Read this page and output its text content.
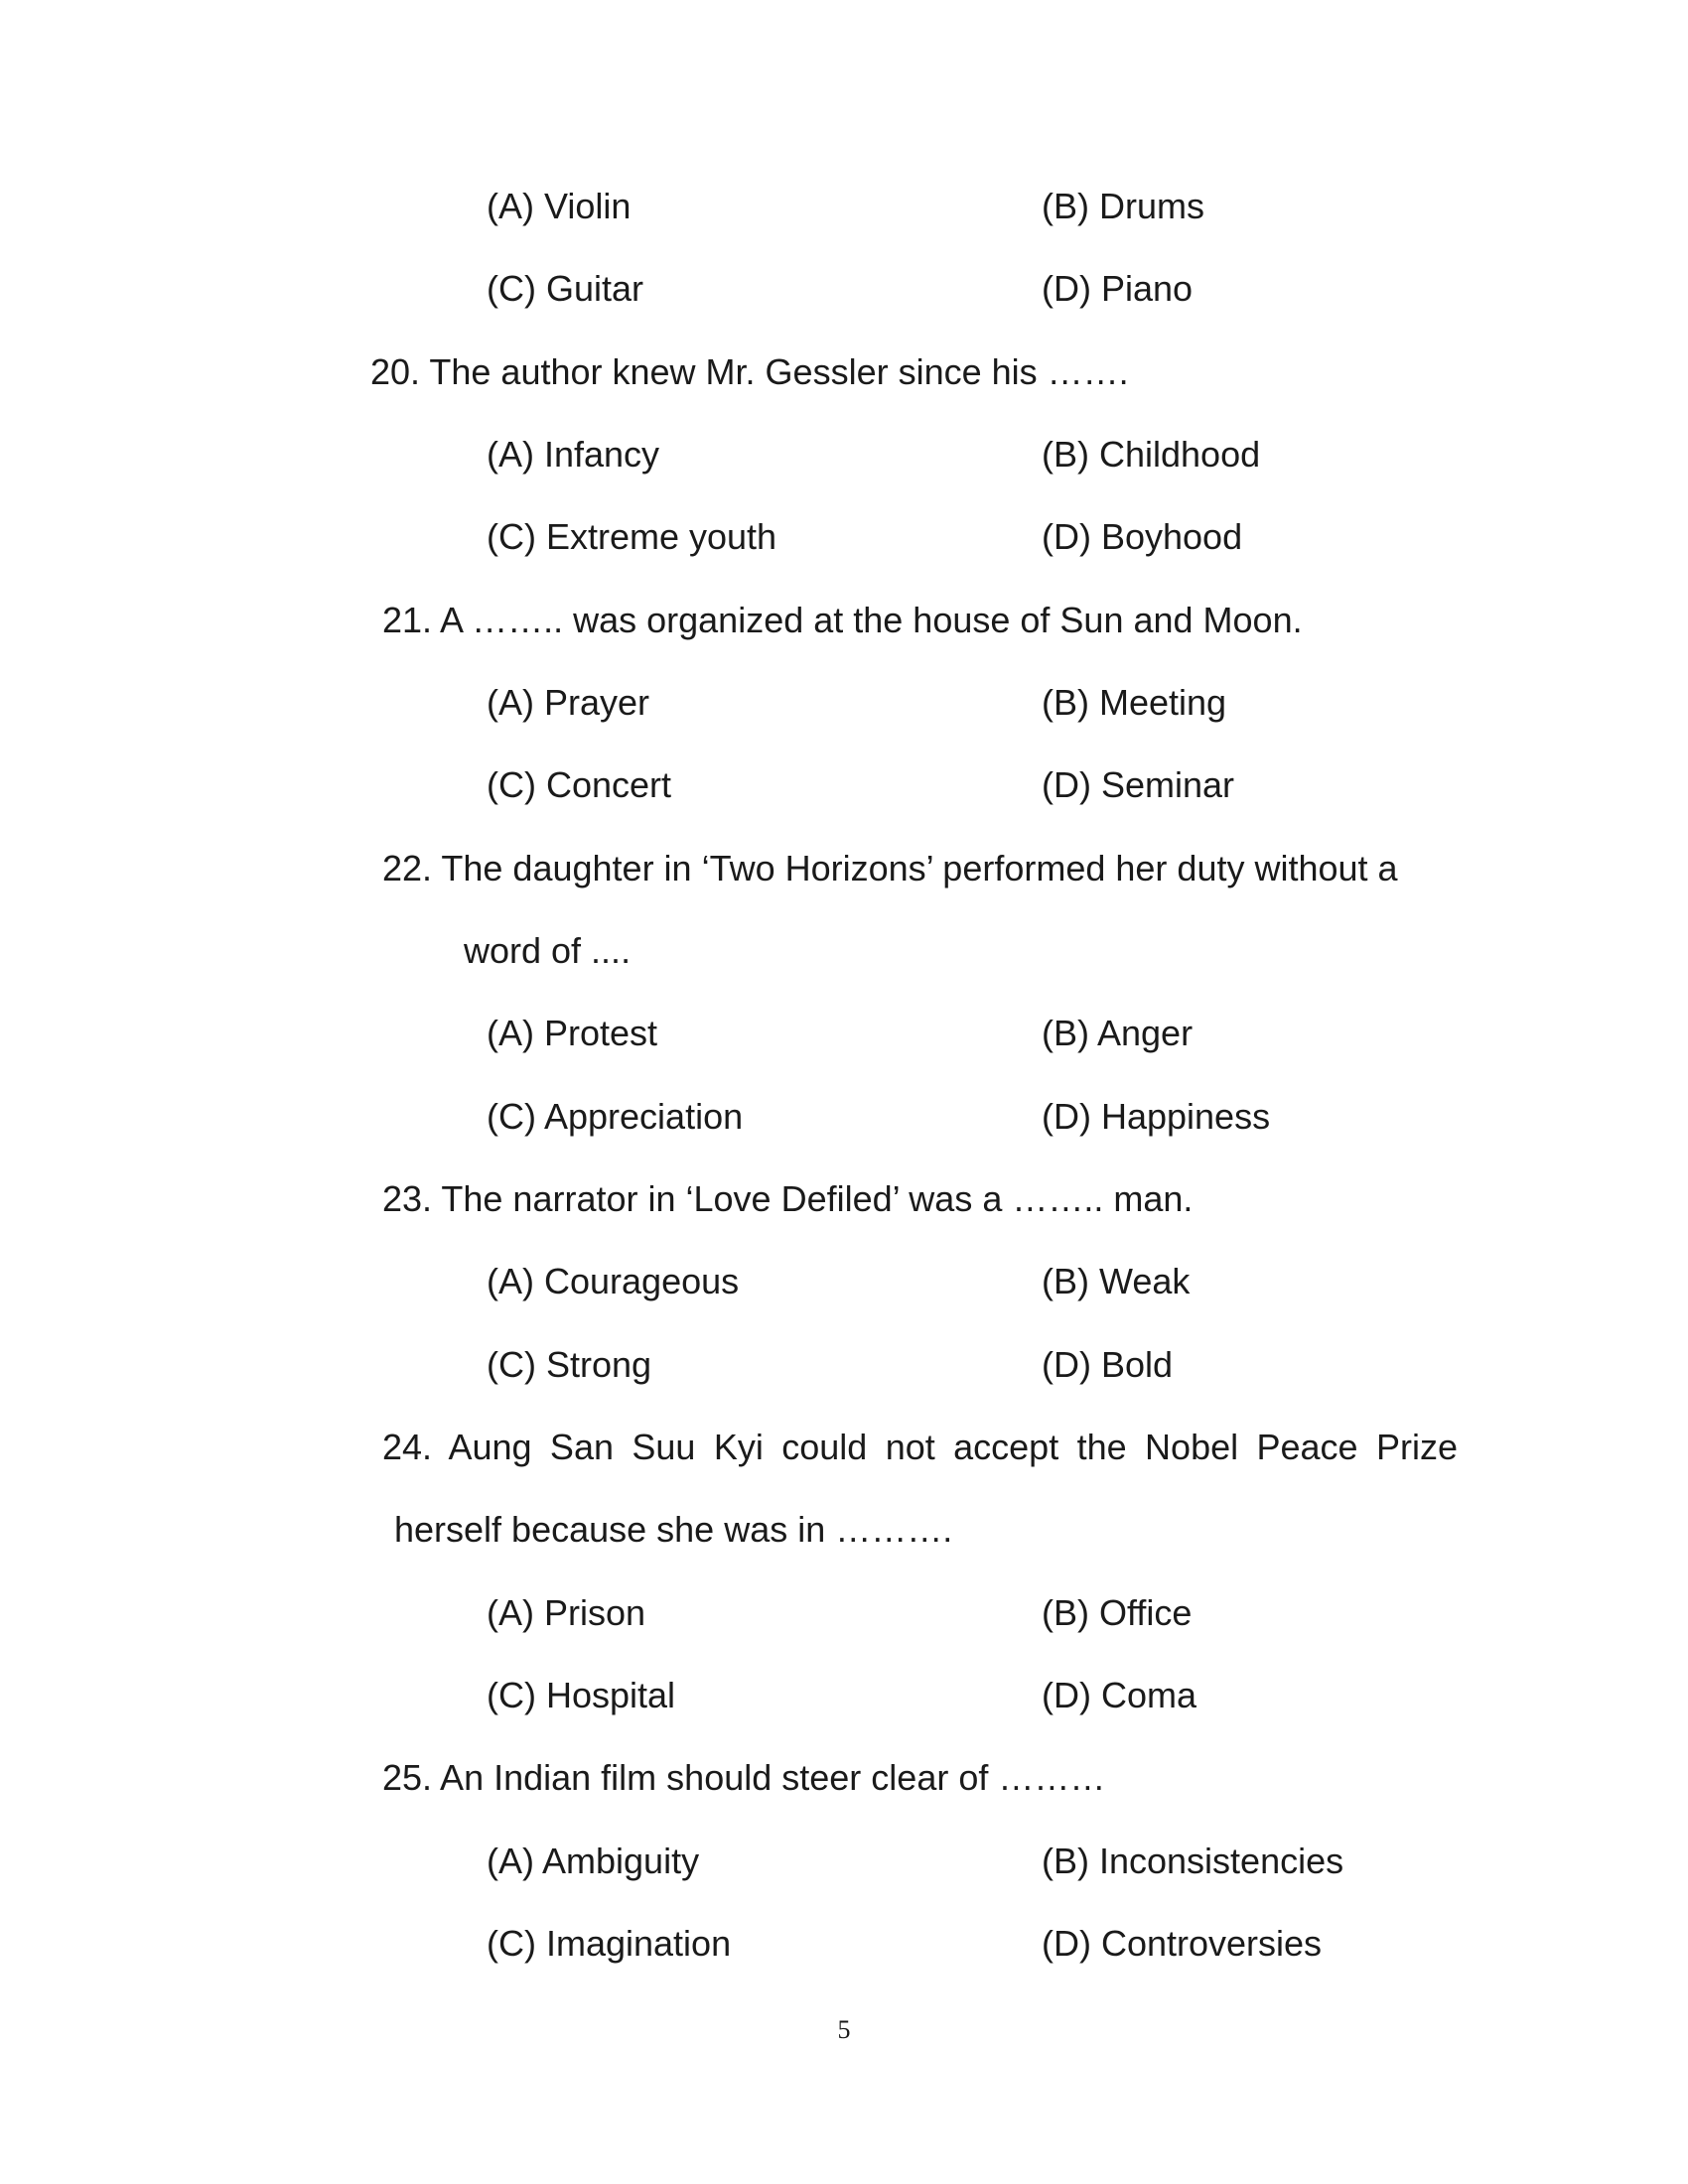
(A) Violin	(B) Drums
(C) Guitar	(D) Piano
20. The author knew Mr. Gessler since his …….
(A) Infancy	(B) Childhood
(C) Extreme youth	(D) Boyhood
21. A …….. was organized at the house of Sun and Moon.
(A) Prayer	(B) Meeting
(C) Concert	(D) Seminar
22. The daughter in ‘Two Horizons’ performed her duty without a
word of ....
(A) Protest	(B) Anger
(C) Appreciation	(D) Happiness
23. The narrator in ‘Love Defiled’ was a …….. man.
(A) Courageous	(B) Weak
(C) Strong	(D) Bold
24. Aung San Suu Kyi could not accept the Nobel Peace Prize
herself because she was in ……….
(A) Prison	(B) Office
(C) Hospital	(D) Coma
25. An Indian film should steer clear of ………
(A) Ambiguity	(B) Inconsistencies
(C) Imagination	(D) Controversies
5
